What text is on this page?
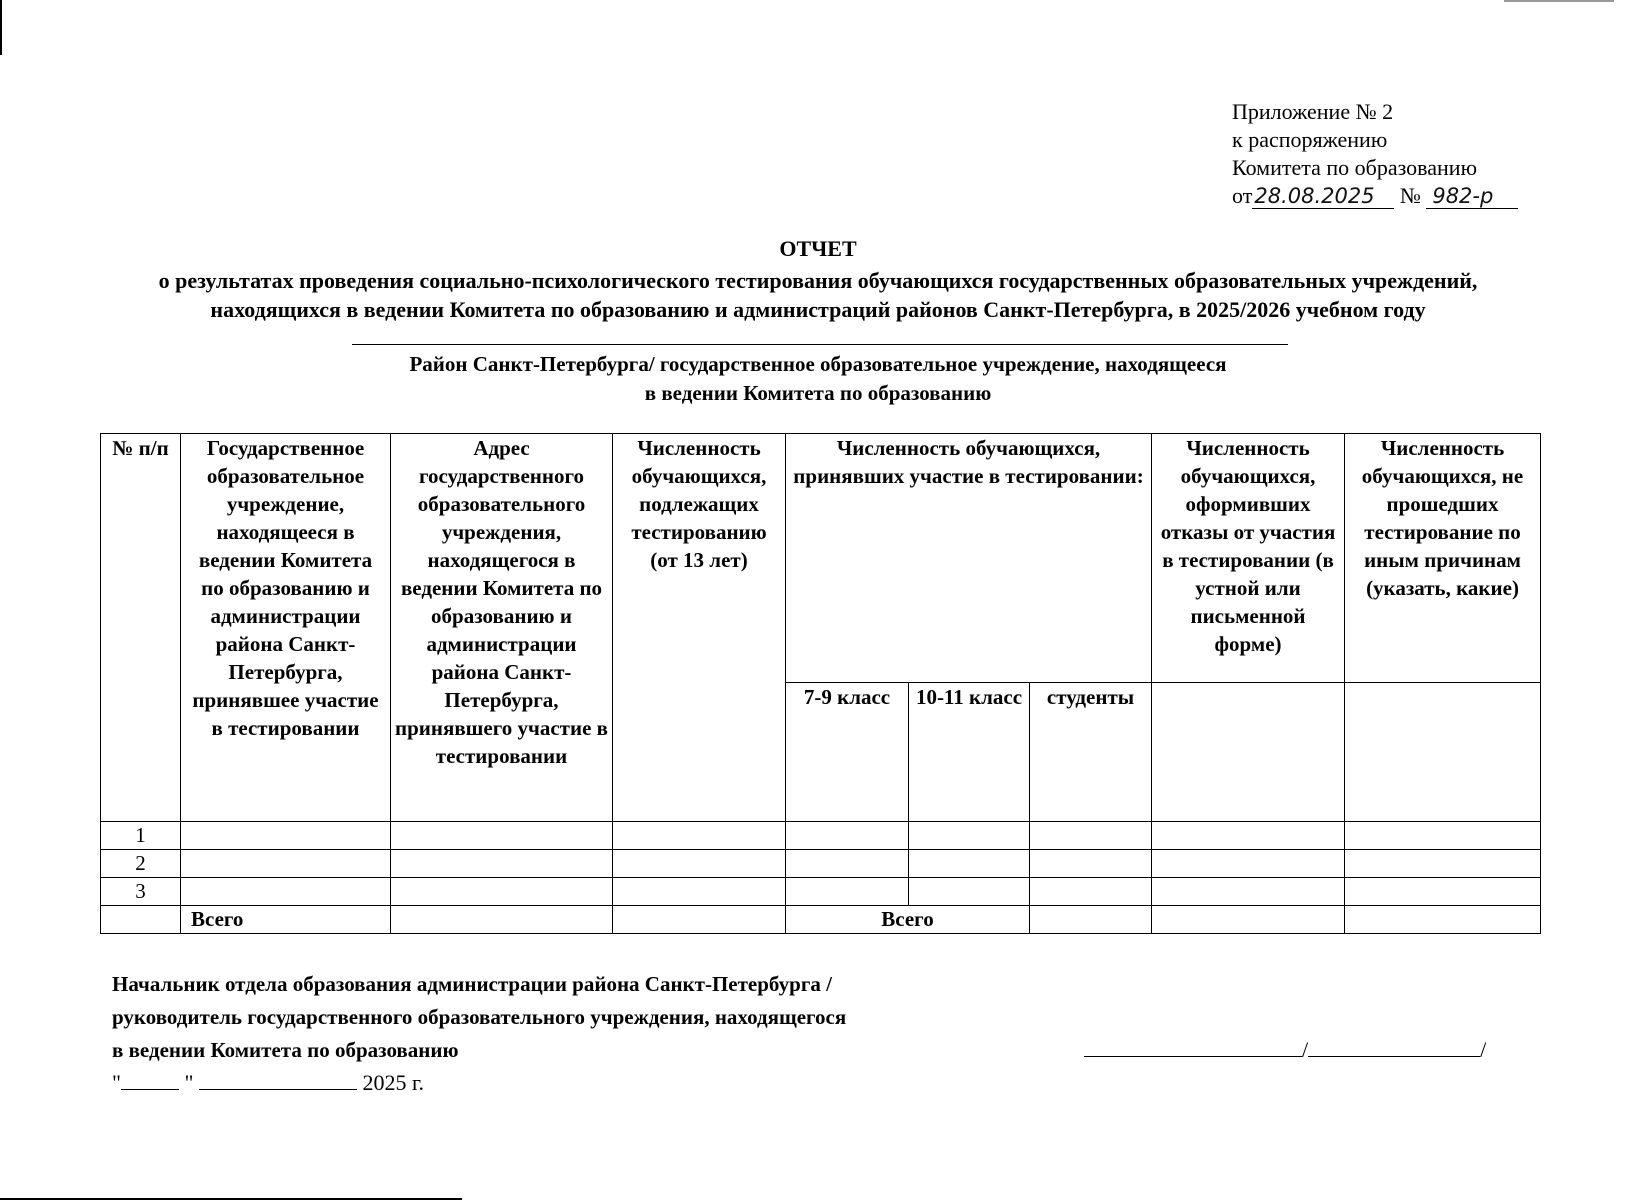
Приложение № 2
к распоряжению
Комитета по образованию
от28.08.2025 № 982-р
ОТЧЕТ
о результатах проведения социально-психологического тестирования обучающихся государственных образовательных учреждений,
находящихся в ведении Комитета по образованию и администраций районов Санкт-Петербурга, в 2025/2026 учебном году
Район Санкт-Петербурга/ государственное образовательное учреждение, находящееся
в ведении Комитета по образованию
№ п/п	Государственное образовательное учреждение, находящееся в ведении Комитета по образованию и администрации района Санкт-Петербурга, принявшее участие в тестировании	Адрес государственного образовательного учреждения, находящегося в ведении Комитета по образованию и администрации района Санкт-Петербурга, принявшего участие в тестировании	Численность обучающихся, подлежащих тестированию (от 13 лет)	Численность обучающихся, принявших участие в тестировании:			Численность обучающихся, оформивших отказы от участия в тестировании (в устной или письменной форме)	Численность обучающихся, не прошедших тестирование по иным причинам (указать, какие)
				7-9 класс	10-11 класс	студенты		
1								
2								
3								
	Всего			Всего				
Начальник отдела образования администрации района Санкт-Петербурга /
руководитель государственного образовательного учреждения, находящегося
в ведении Комитета по образованию
"	"	2025 г.
/	/
